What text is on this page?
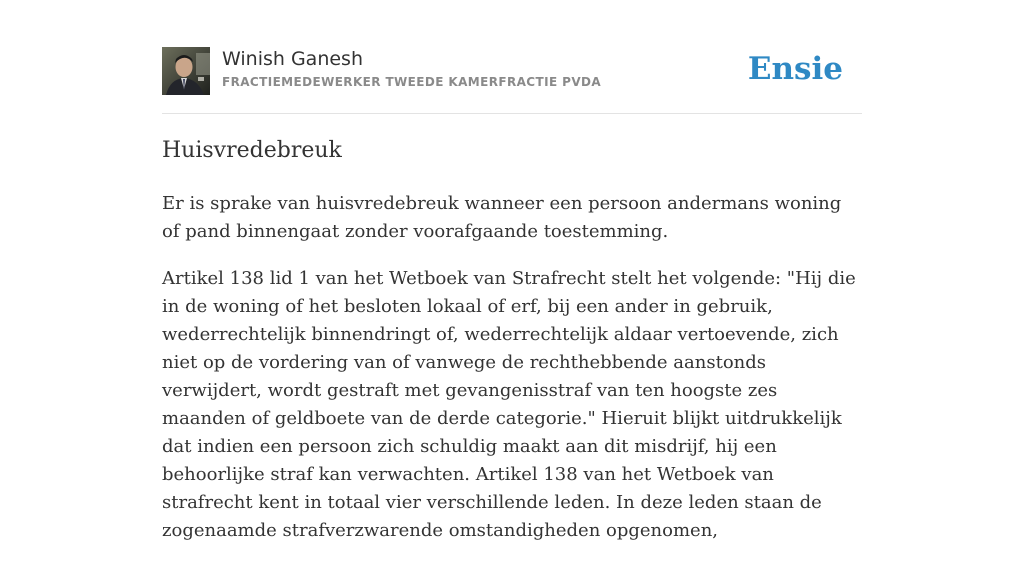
Winish Ganesh
FRACTIEMEDEWERKER TWEEDE KAMERFRACTIE PVDA	Ensie
Huisvredebreuk

Er is sprake van huisvredebreuk wanneer een persoon andermans woning of pand binnengaat zonder voorafgaande toestemming.

Artikel 138 lid 1 van het Wetboek van Strafrecht stelt het volgende: "Hij die in de woning of het besloten lokaal of erf, bij een ander in gebruik, wederrechtelijk binnendringt of, wederrechtelijk aldaar vertoevende, zich niet op de vordering van of vanwege de rechthebbende aanstonds verwijdert, wordt gestraft met gevangenisstraf van ten hoogste zes maanden of geldboete van de derde categorie." Hieruit blijkt uitdrukkelijk dat indien een persoon zich schuldig maakt aan dit misdrijf, hij een behoorlijke straf kan verwachten. Artikel 138 van het Wetboek van strafrecht kent in totaal vier verschillende leden. In deze leden staan de zogenaamde strafverzwarende omstandigheden opgenomen,
